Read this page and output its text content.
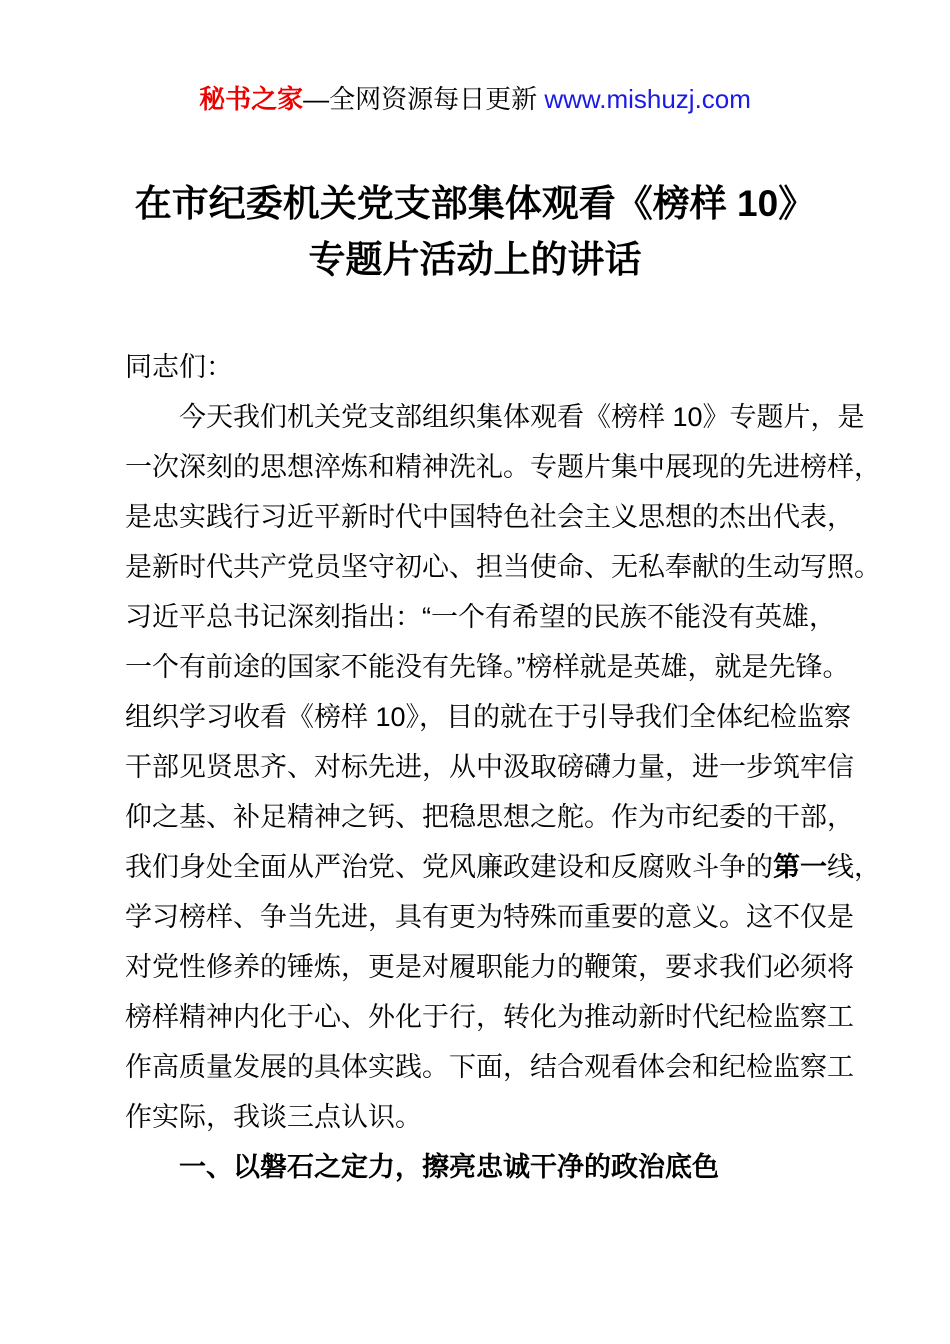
秘书之家—全网资源每日更新 www.mishuzj.com
在市纪委机关党支部集体观看《榜样 10》
专题片活动上的讲话
同志们：
今天我们机关党支部组织集体观看《榜样 10》专题片，是
一次深刻的思想淬炼和精神洗礼。专题片集中展现的先进榜样，
是忠实践行习近平新时代中国特色社会主义思想的杰出代表，
是新时代共产党员坚守初心、担当使命、无私奉献的生动写照。
习近平总书记深刻指出：“一个有希望的民族不能没有英雄，
一个有前途的国家不能没有先锋。”榜样就是英雄，就是先锋。
组织学习收看《榜样 10》，目的就在于引导我们全体纪检监察
干部见贤思齐、对标先进，从中汲取磅礴力量，进一步筑牢信
仰之基、补足精神之钙、把稳思想之舵。作为市纪委的干部，
我们身处全面从严治党、党风廉政建设和反腐败斗争的第一线，
学习榜样、争当先进，具有更为特殊而重要的意义。这不仅是
对党性修养的锤炼，更是对履职能力的鞭策，要求我们必须将
榜样精神内化于心、外化于行，转化为推动新时代纪检监察工
作高质量发展的具体实践。下面，结合观看体会和纪检监察工
作实际，我谈三点认识。
一、以磐石之定力，擦亮忠诚干净的政治底色
